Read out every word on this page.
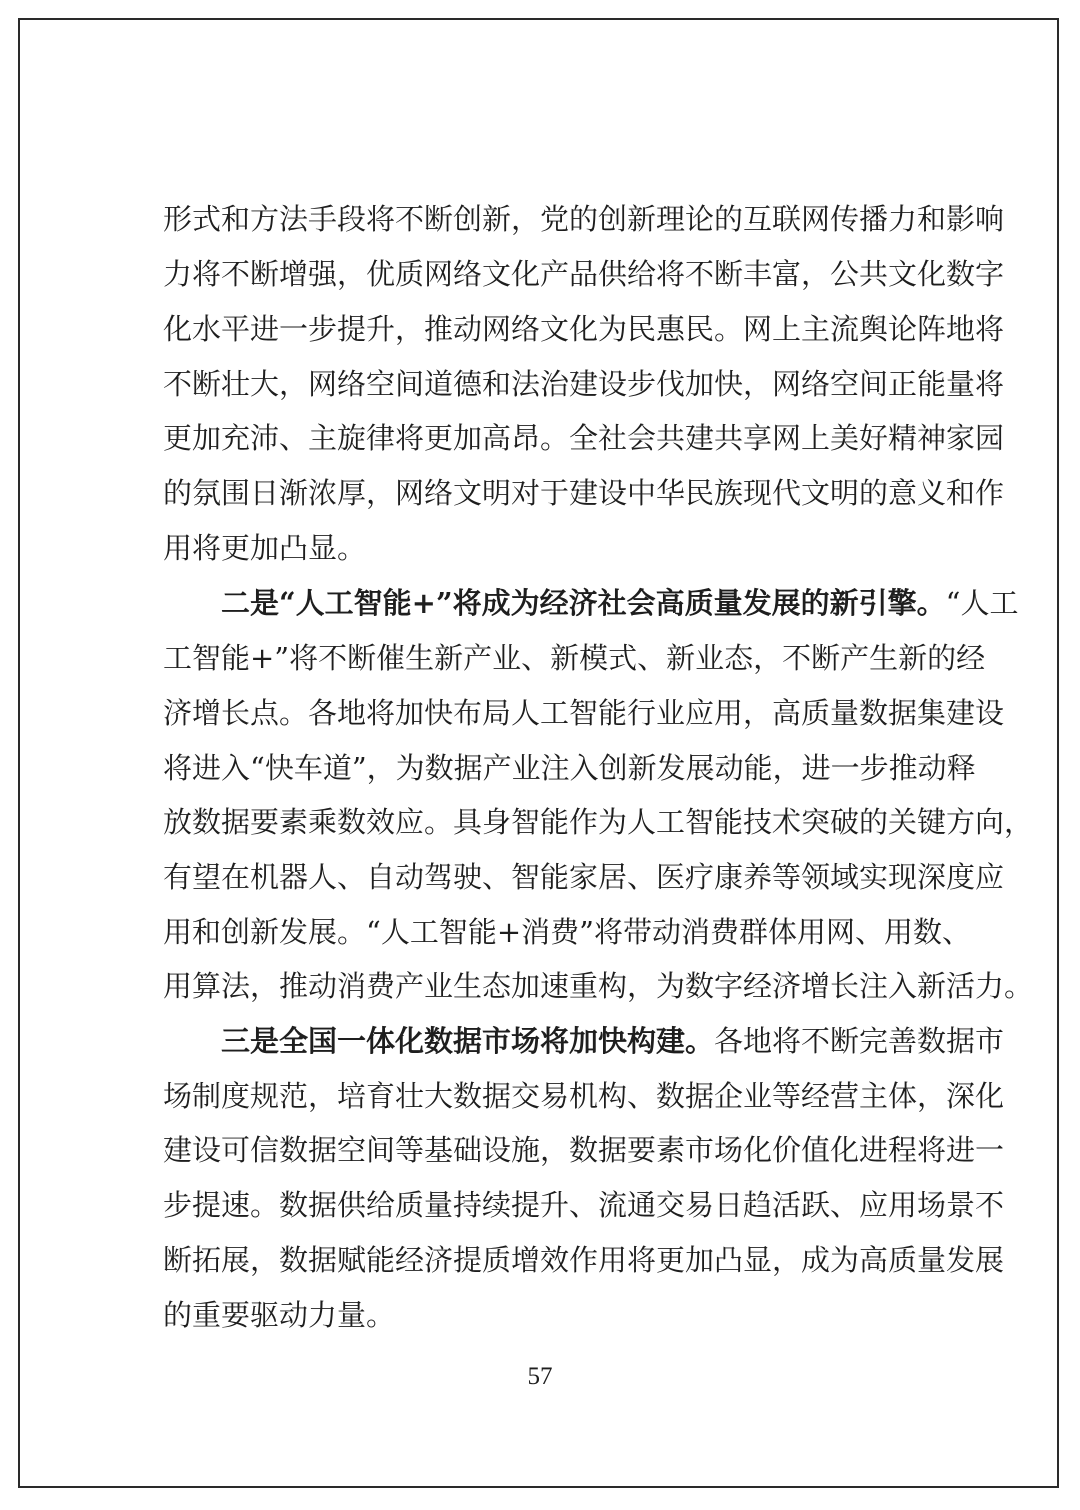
形式和方法手段将不断创新，党的创新理论的互联网传播力和影响
力将不断增强，优质网络文化产品供给将不断丰富，公共文化数字
化水平进一步提升，推动网络文化为民惠民。网上主流舆论阵地将
不断壮大，网络空间道德和法治建设步伐加快，网络空间正能量将
更加充沛、主旋律将更加高昂。全社会共建共享网上美好精神家园
的氛围日渐浓厚，网络文明对于建设中华民族现代文明的意义和作
用将更加凸显。
二是“人工智能+”将成为经济社会高质量发展的新引擎。“人工
工智能+”将不断催生新产业、新模式、新业态，不断产生新的经
济增长点。各地将加快布局人工智能行业应用，高质量数据集建设
将进入“快车道”，为数据产业注入创新发展动能，进一步推动释
放数据要素乘数效应。具身智能作为人工智能技术突破的关键方向，
有望在机器人、自动驾驶、智能家居、医疗康养等领域实现深度应
用和创新发展。“人工智能+消费”将带动消费群体用网、用数、
用算法，推动消费产业生态加速重构，为数字经济增长注入新活力。
三是全国一体化数据市场将加快构建。各地将不断完善数据市
场制度规范，培育壮大数据交易机构、数据企业等经营主体，深化
建设可信数据空间等基础设施，数据要素市场化价值化进程将进一
步提速。数据供给质量持续提升、流通交易日趋活跃、应用场景不
断拓展，数据赋能经济提质增效作用将更加凸显，成为高质量发展
的重要驱动力量。
57
